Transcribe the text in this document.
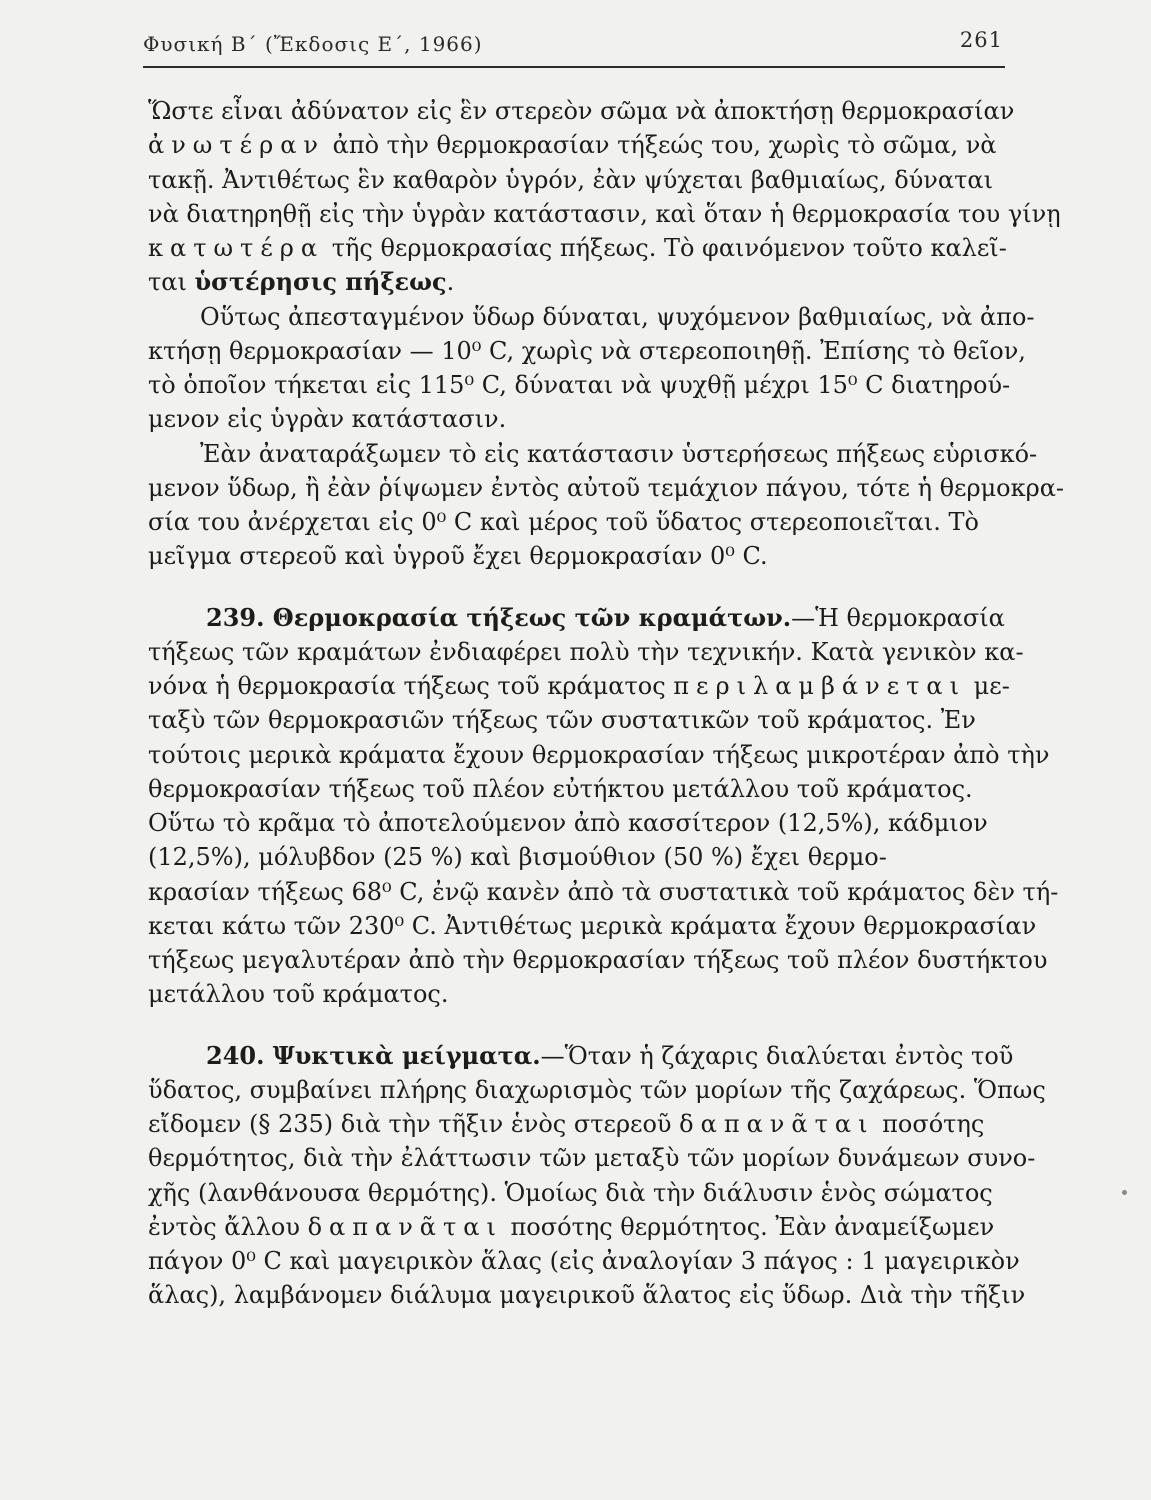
Φυσική Β΄ (Ἔκδοσις Ε΄, 1966)	261
Ὥστε εἶναι ἀδύνατον εἰς ἓν στερεὸν σῶμα νὰ ἀποκτήσῃ θερμοκρασίαν
ἀνωτέραν ἀπὸ τὴν θερμοκρασίαν τήξεώς του, χωρὶς τὸ σῶμα, νὰ
τακῇ. Ἀντιθέτως ἓν καθαρὸν ὑγρόν, ἐὰν ψύχεται βαθμιαίως, δύναται
νὰ διατηρηθῇ εἰς τὴν ὑγρὰν κατάστασιν, καὶ ὅταν ἡ θερμοκρασία του γίνῃ
κατωτέρα τῆς θερμοκρασίας πήξεως. Τὸ φαινόμενον τοῦτο καλεῖ-
ται ὑστέρησις πήξεως.
Οὕτως ἀπεσταγμένον ὕδωρ δύναται, ψυχόμενον βαθμιαίως, νὰ ἀπο-
κτήσῃ θερμοκρασίαν — 10⁰ C, χωρὶς νὰ στερεοποιηθῇ. Ἐπίσης τὸ θεῖον,
τὸ ὁποῖον τήκεται εἰς 115⁰ C, δύναται νὰ ψυχθῇ μέχρι 15⁰ C διατηρού-
μενον εἰς ὑγρὰν κατάστασιν.
Ἐὰν ἀναταράξωμεν τὸ εἰς κατάστασιν ὑστερήσεως πήξεως εὑρισκό-
μενον ὕδωρ, ἢ ἐὰν ῥίψωμεν ἐντὸς αὐτοῦ τεμάχιον πάγου, τότε ἡ θερμοκρα-
σία του ἀνέρχεται εἰς 0⁰ C καὶ μέρος τοῦ ὕδατος στερεοποιεῖται. Τὸ
μεῖγμα στερεοῦ καὶ ὑγροῦ ἔχει θερμοκρασίαν 0⁰ C.
239. Θερμοκρασία τήξεως τῶν κραμάτων.—Ἡ θερμοκρασία
τήξεως τῶν κραμάτων ἐνδιαφέρει πολὺ τὴν τεχνικήν. Κατὰ γενικὸν κα-
νόνα ἡ θερμοκρασία τήξεως τοῦ κράματος περιλαμβάνεται με-
ταξὺ τῶν θερμοκρασιῶν τήξεως τῶν συστατικῶν τοῦ κράματος. Ἐν
τούτοις μερικὰ κράματα ἔχουν θερμοκρασίαν τήξεως μικροτέραν ἀπὸ τὴν
θερμοκρασίαν τήξεως τοῦ πλέον εὐτήκτου μετάλλου τοῦ κράματος.
Οὕτω τὸ κρᾶμα τὸ ἀποτελούμενον ἀπὸ κασσίτερον (12,5%), κάδμιον
(12,5%), μόλυβδον (25 %) καὶ βισμούθιον (50 %) ἔχει θερμο-
κρασίαν τήξεως 68⁰ C, ἐνῷ κανὲν ἀπὸ τὰ συστατικὰ τοῦ κράματος δὲν τή-
κεται κάτω τῶν 230⁰ C. Ἀντιθέτως μερικὰ κράματα ἔχουν θερμοκρασίαν
τήξεως μεγαλυτέραν ἀπὸ τὴν θερμοκρασίαν τήξεως τοῦ πλέον δυστήκτου
μετάλλου τοῦ κράματος.
240. Ψυκτικὰ μείγματα.—Ὅταν ἡ ζάχαρις διαλύεται ἐντὸς τοῦ
ὕδατος, συμβαίνει πλήρης διαχωρισμὸς τῶν μορίων τῆς ζαχάρεως. Ὅπως
εἴδομεν (§ 235) διὰ τὴν τῆξιν ἑνὸς στερεοῦ δαπανᾶται ποσότης
θερμότητος, διὰ τὴν ἐλάττωσιν τῶν μεταξὺ τῶν μορίων δυνάμεων συνο-
χῆς (λανθάνουσα θερμότης). Ὁμοίως διὰ τὴν διάλυσιν ἑνὸς σώματος
ἐντὸς ἄλλου δαπανᾶται ποσότης θερμότητος. Ἐὰν ἀναμείξωμεν
πάγον 0⁰ C καὶ μαγειρικὸν ἅλας (εἰς ἀναλογίαν 3 πάγος : 1 μαγειρικὸν
ἅλας), λαμβάνομεν διάλυμα μαγειρικοῦ ἅλατος εἰς ὕδωρ. Διὰ τὴν τῆξιν
